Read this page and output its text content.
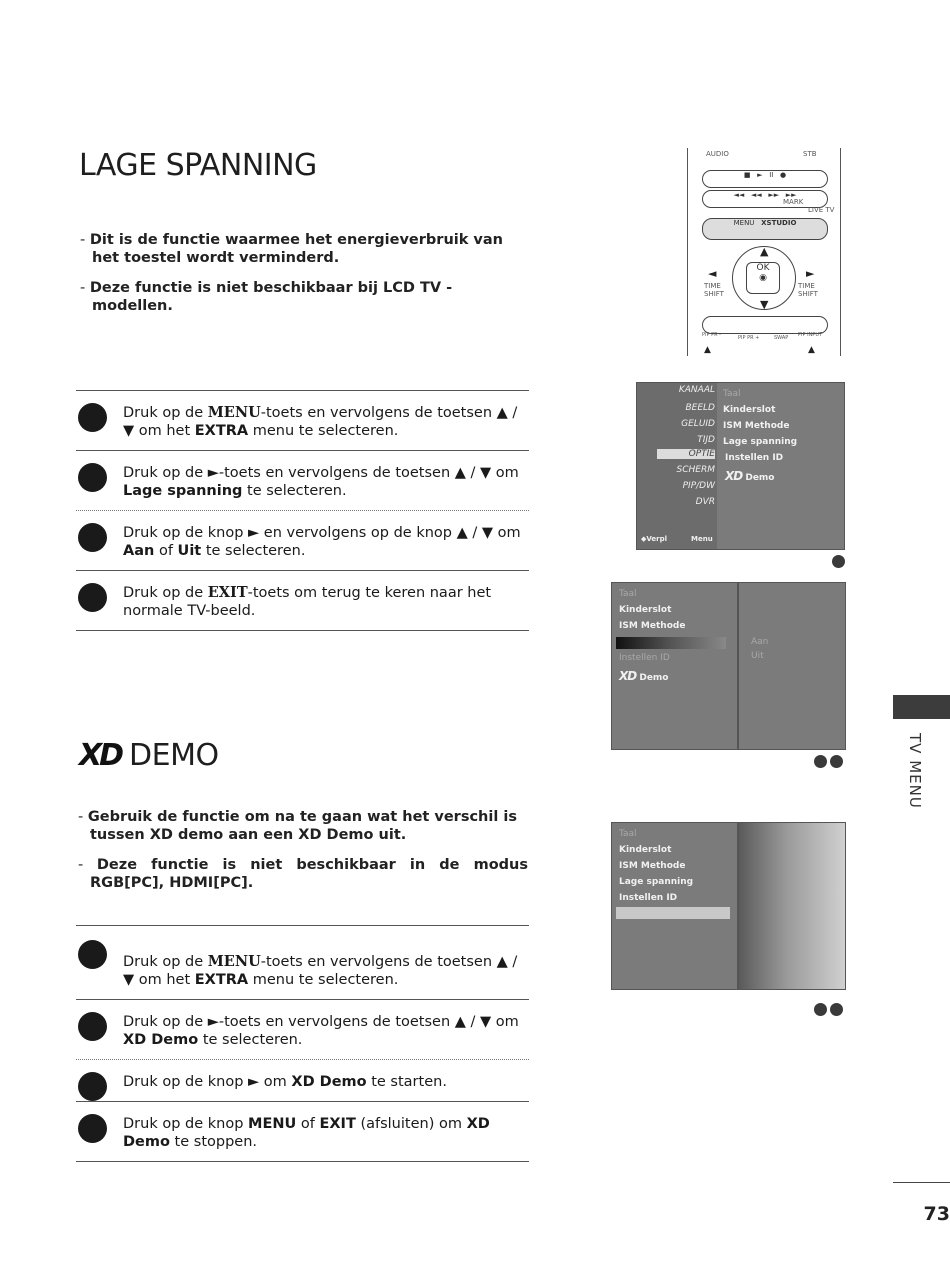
LAGE SPANNING

- Dit is de functie waarmee het energieverbruik van het toestel wordt verminderd.

- Deze functie is niet beschikbaar bij LCD TV -modellen.

Druk op de MENU-toets en vervolgens de toetsen ▲ / ▼ om het EXTRA menu te selecteren.
Druk op de ►-toets en vervolgens de toetsen ▲ / ▼ om Lage spanning te selecteren.
Druk op de knop ► en vervolgens op de knop ▲ / ▼ om Aan of Uit te selecteren.
Druk op de EXIT-toets om terug te keren naar het normale TV-beeld.
XD DEMO

- Gebruik de functie om na te gaan wat het verschil is tussen XD demo aan een XD Demo uit.

- Deze functie is niet beschikbaar in de modus RGB[PC], HDMI[PC].

Druk op de MENU-toets en vervolgens de toetsen ▲ / ▼ om het EXTRA menu te selecteren.
Druk op de ►-toets en vervolgens de toetsen ▲ / ▼ om XD Demo te selecteren.
Druk op de knop ► om XD Demo te starten.
Druk op de knop MENU of EXIT (afsluiten) om XD Demo te stoppen.
AUDIO	STB
■   ►   II   ●
◄◄   ◄◄   ►►   ►►
MARK
LIVE TV
MENU XSTUDIO
▲
▼
◄	►
OK
◉
TIME SHIFT
TIME SHIFT
PIP PR -	PIP PR +	SWAP PIP INPUT
▲	▲
KANAAL
BEELD
GELUID
TIJD
OPTIE
SCHERM
PIP/DW
DVR
Taal
Kinderslot
ISM Methode
Lage spanning
Instellen ID
XD Demo
◆Verpl	Menu
Taal
Kinderslot
ISM Methode
Instellen ID
XD Demo
Aan
Uit
Taal
Kinderslot
ISM Methode
Lage spanning
Instellen ID
TV MENU
73
